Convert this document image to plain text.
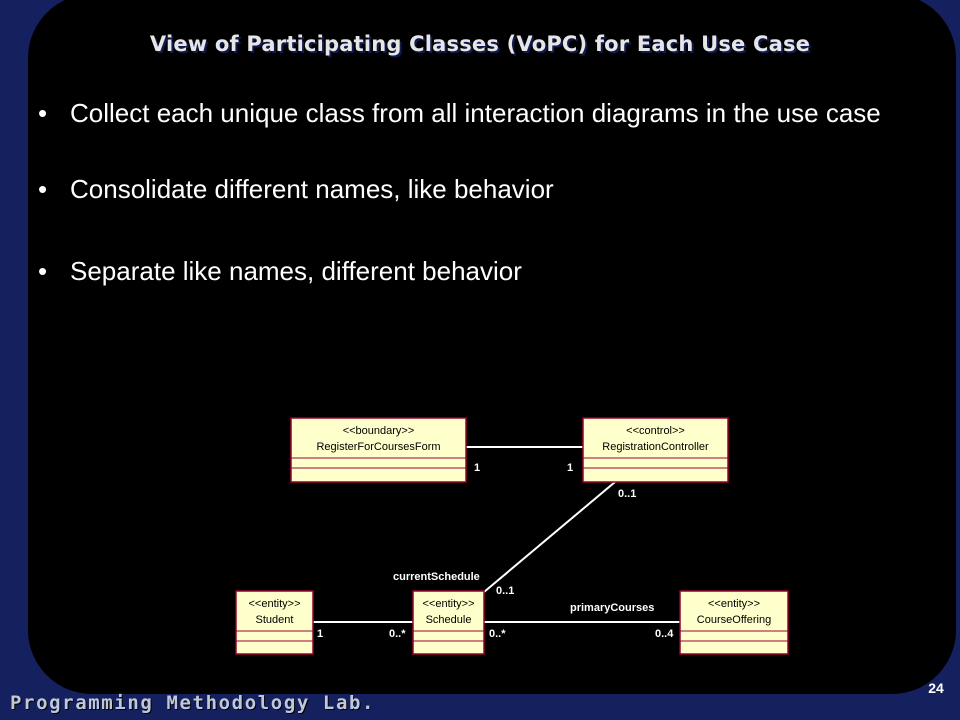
View of Participating Classes (VoPC) for Each Use Case
• Collect each unique class from all interaction diagrams in the use case
• Consolidate different names, like behavior
• Separate like names, different behavior
<<boundary>>
RegisterForCoursesForm
<<control>>
RegistrationController
<<entity>>
Student
<<entity>>
Schedule
<<entity>>
CourseOffering
1	1
0..1
currentSchedule
0..1
1	0..*
primaryCourses
0..*	0..4
Programming Methodology Lab.
24
